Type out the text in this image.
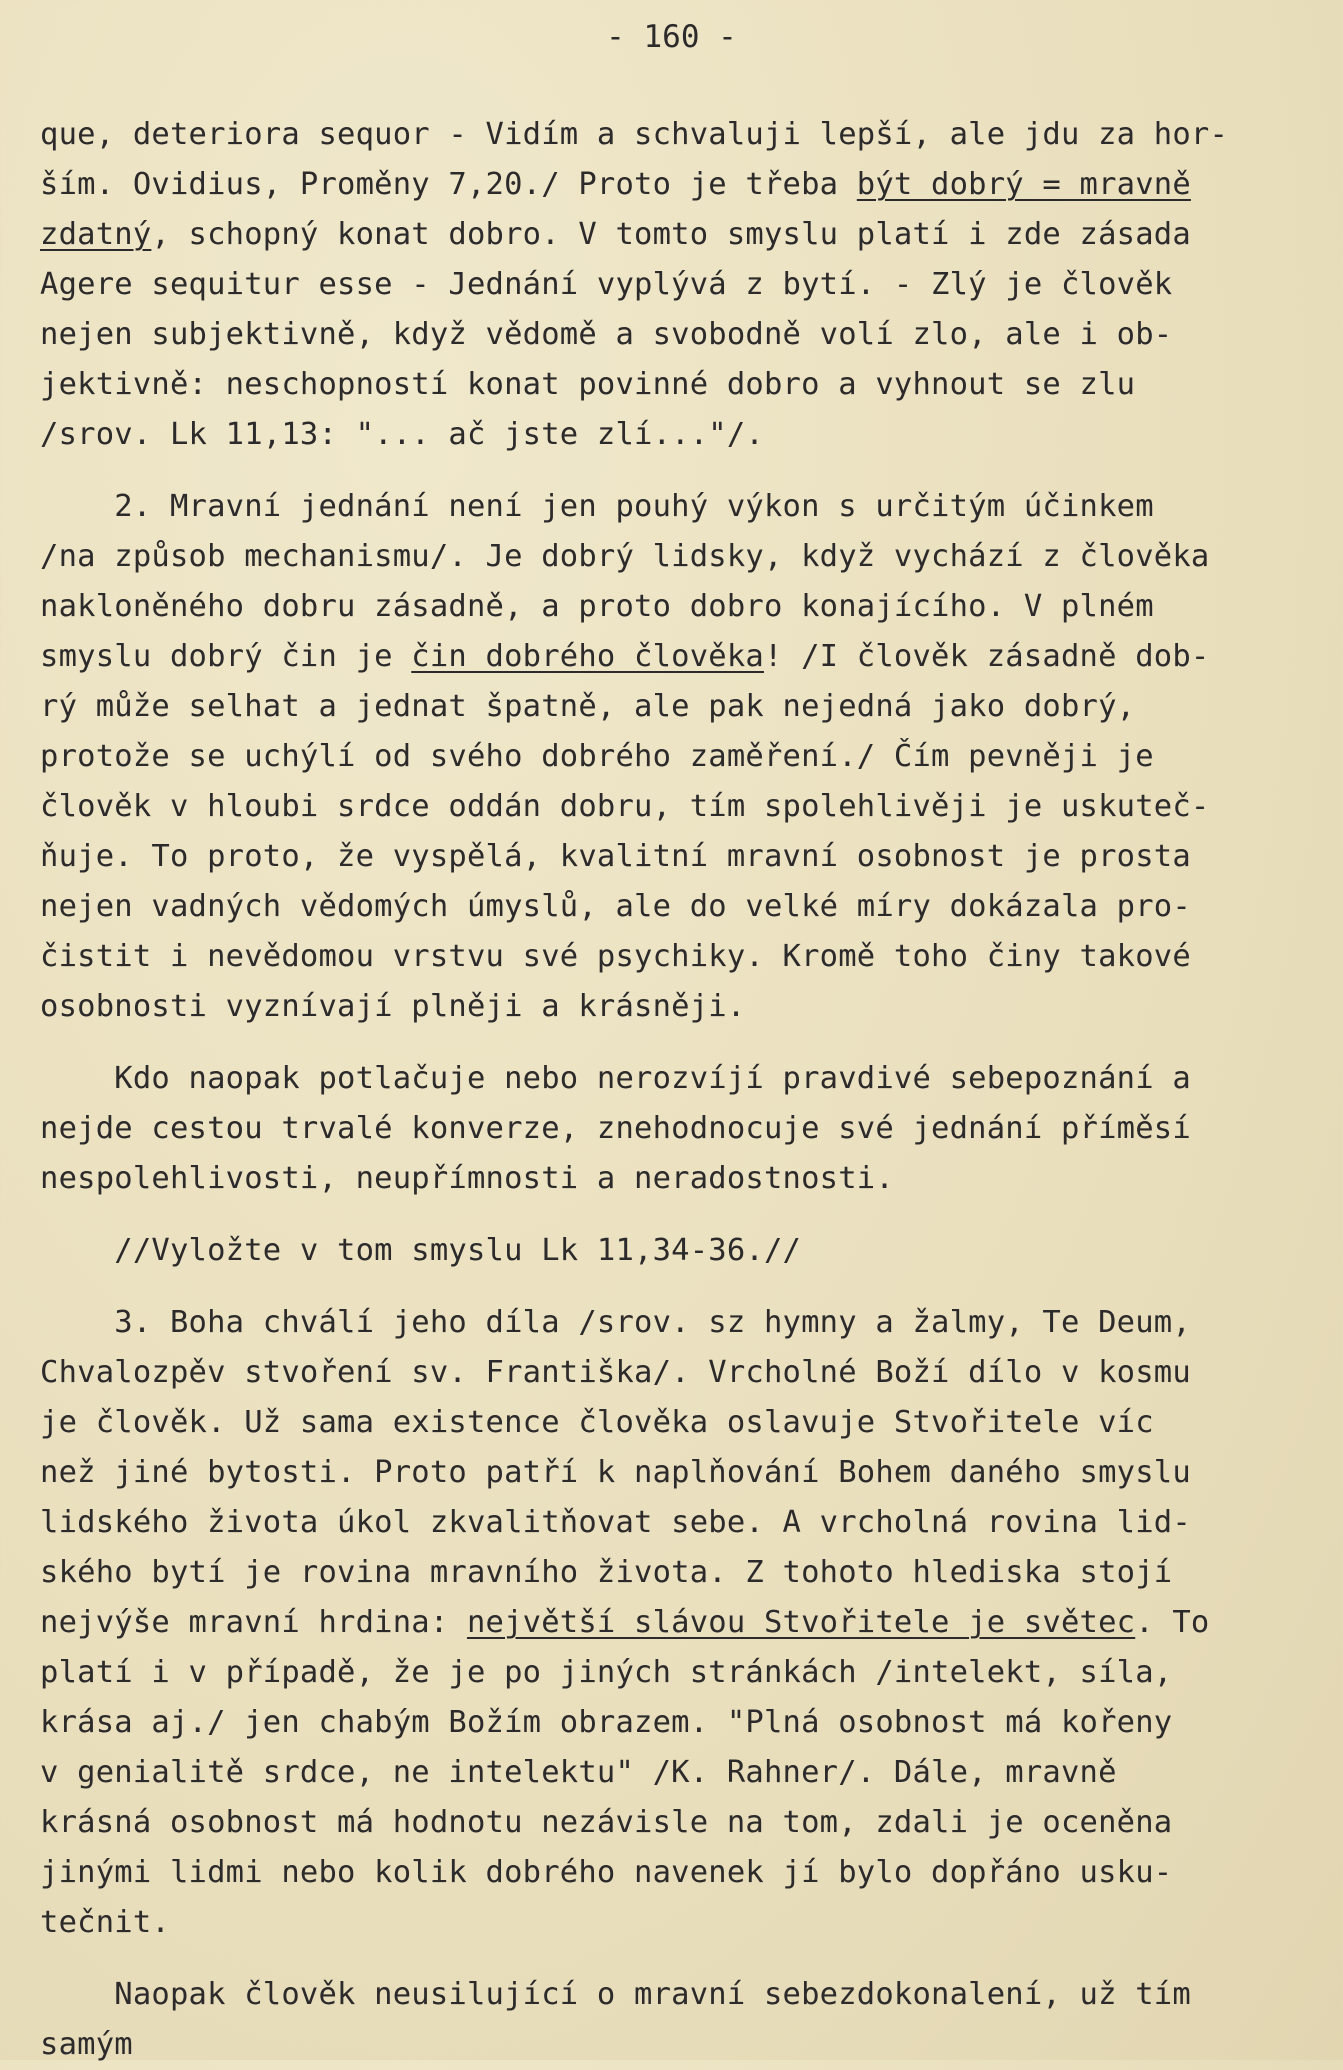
- 160 -
que, deteriora sequor - Vidím a schvaluji lepší, ale jdu za hor-
ším. Ovidius, Proměny 7,20./ Proto je třeba být dobrý = mravně
zdatný, schopný konat dobro. V tomto smyslu platí i zde zásada
Agere sequitur esse - Jednání vyplývá z bytí. - Zlý je člověk
nejen subjektivně, když vědomě a svobodně volí zlo, ale i ob-
jektivně: neschopností konat povinné dobro a vyhnout se zlu
/srov. Lk 11,13: "... ač jste zlí..."/.
2. Mravní jednání není jen pouhý výkon s určitým účinkem
/na způsob mechanismu/. Je dobrý lidsky, když vychází z člověka
nakloněného dobru zásadně, a proto dobro konajícího. V plném
smyslu dobrý čin je čin dobrého člověka! /I člověk zásadně dob-
rý může selhat a jednat špatně, ale pak nejedná jako dobrý,
protože se uchýlí od svého dobrého zaměření./ Čím pevněji je
člověk v hloubi srdce oddán dobru, tím spolehlivěji je uskuteč-
ňuje. To proto, že vyspělá, kvalitní mravní osobnost je prosta
nejen vadných vědomých úmyslů, ale do velké míry dokázala pro-
čistit i nevědomou vrstvu své psychiky. Kromě toho činy takové
osobnosti vyznívají plněji a krásněji.
Kdo naopak potlačuje nebo nerozvíjí pravdivé sebepoznání a
nejde cestou trvalé konverze, znehodnocuje své jednání příměsí
nespolehlivosti, neupřímnosti a neradostnosti.
//Vyložte v tom smyslu Lk 11,34-36.//
3. Boha chválí jeho díla /srov. sz hymny a žalmy, Te Deum,
Chvalozpěv stvoření sv. Františka/. Vrcholné Boží dílo v kosmu
je člověk. Už sama existence člověka oslavuje Stvořitele víc
než jiné bytosti. Proto patří k naplňování Bohem daného smyslu
lidského života úkol zkvalitňovat sebe. A vrcholná rovina lid-
ského bytí je rovina mravního života. Z tohoto hlediska stojí
nejvýše mravní hrdina: největší slávou Stvořitele je světec. To
platí i v případě, že je po jiných stránkách /intelekt, síla,
krása aj./ jen chabým Božím obrazem. "Plná osobnost má kořeny
v genialitě srdce, ne intelektu" /K. Rahner/. Dále, mravně
krásná osobnost má hodnotu nezávisle na tom, zdali je oceněna
jinými lidmi nebo kolik dobrého navenek jí bylo dopřáno usku-
tečnit.
Naopak člověk neusilující o mravní sebezdokonalení, už tím
samým
